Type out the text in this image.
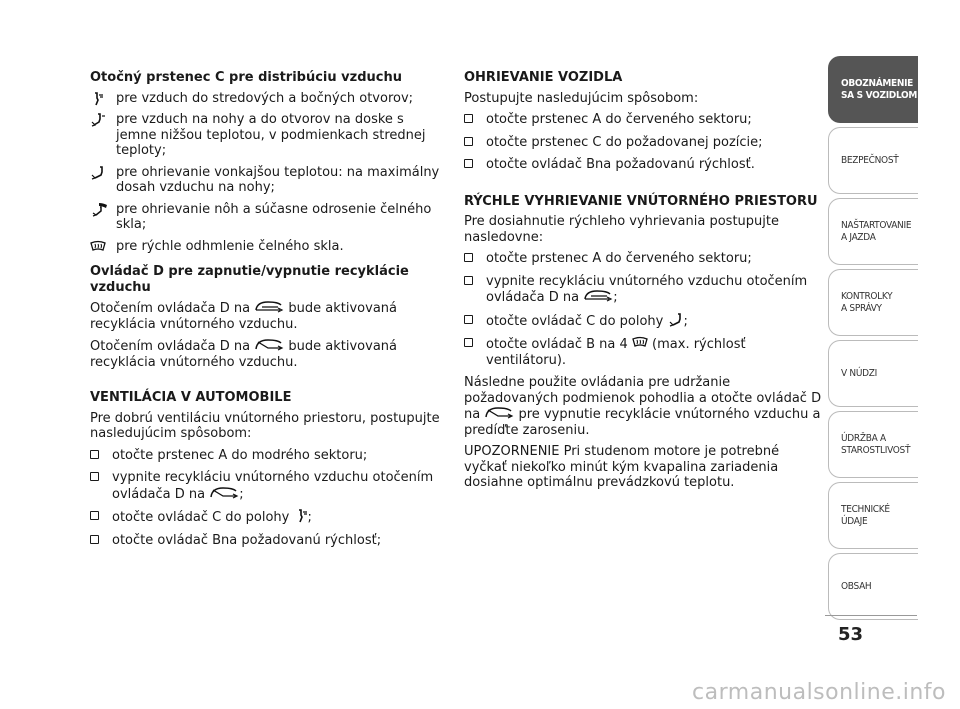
Otočný prstenec C pre distribúciu vzduchu
pre vzduch do stredových a bočných otvorov;
pre vzduch na nohy a do otvorov na doske s jemne nižšou teplotou, v podmienkach strednej teploty;
pre ohrievanie vonkajšou teplotou: na maximálny dosah vzduchu na nohy;
pre ohrievanie nôh a súčasne odrosenie čelného skla;
pre rýchle odhmlenie čelného skla.
Ovládač D pre zapnutie/vypnutie recyklácie vzduchu

Otočením ovládača D na	bude aktivovaná recyklácia vnútorného vzduchu.

Otočením ovládača D na	bude aktivovaná recyklácia vnútorného vzduchu.

VENTILÁCIA V AUTOMOBILE

Pre dobrú ventiláciu vnútorného priestoru, postupujte nasledujúcim spôsobom:

otočte prstenec A do modrého sektoru;
vypnite recykláciu vnútorného vzduchu otočením ovládača D na	;
otočte ovládač C do polohy ;
otočte ovládač Bna požadovanú rýchlosť;
OHRIEVANIE VOZIDLA

Postupujte nasledujúcim spôsobom:

otočte prstenec A do červeného sektoru;
otočte prstenec C do požadovanej pozície;
otočte ovládač Bna požadovanú rýchlosť.
RÝCHLE VYHRIEVANIE VNÚTORNÉHO PRIESTORU

Pre dosiahnutie rýchleho vyhrievania postupujte nasledovne:

otočte prstenec A do červeného sektoru;
vypnite recykláciu vnútorného vzduchu otočením ovládača D na	;
otočte ovládač C do polohy ;
otočte ovládač B na 4 (max. rýchlosť ventilátoru).

Následne použite ovládania pre udržanie požadovaných podmienok pohodlia a otočte ovládač D na	pre vypnutie recyklácie vnútorného vzduchu a predíďte zaroseniu.

UPOZORNENIE Pri studenom motore je potrebné vyčkať niekoľko minút kým kvapalina zariadenia dosiahne optimálnu prevádzkovú teplotu.

OBOZNÁMENIE
SA S VOZIDLOM
BEZPEČNOSŤ
NAŠTARTOVANIE
A JAZDA
KONTROLKY
A SPRÁVY
V NÚDZI
ÚDRŽBA A
STAROSTLIVOSŤ
TECHNICKÉ
ÚDAJE
OBSAH
53
carmanualsonline.info
